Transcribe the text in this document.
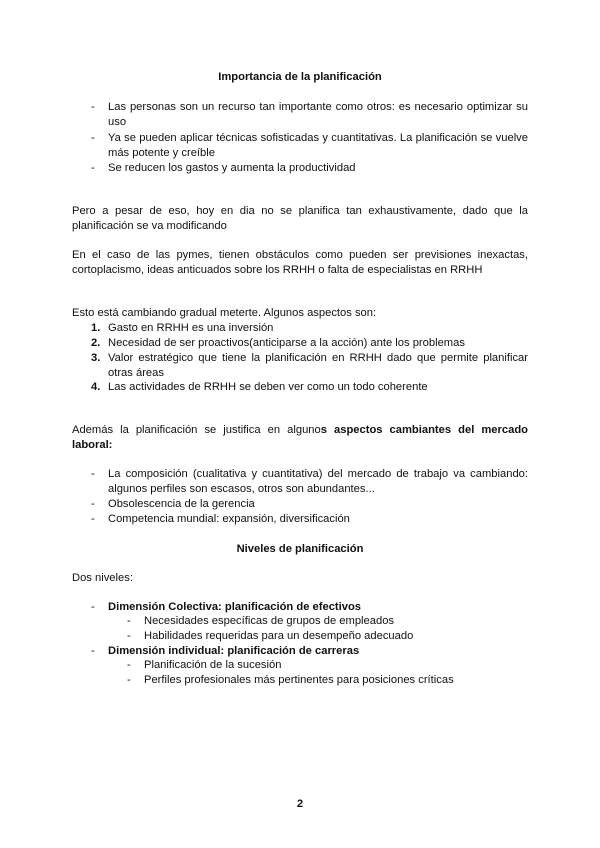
Importancia de la planificación
- Las personas son un recurso tan importante como otros: es necesario optimizar su uso
- Ya se pueden aplicar técnicas sofisticadas y cuantitativas. La planificación se vuelve más potente y creíble
- Se reducen los gastos y aumenta la productividad
Pero a pesar de eso, hoy en dia no se planifica tan exhaustivamente, dado que la planificación se va modificando
En el caso de las pymes, tienen obstáculos como pueden ser previsiones inexactas, cortoplacismo, ideas anticuados sobre los RRHH o falta de especialistas en RRHH
Esto está cambiando gradual meterte. Algunos aspectos son:
1. Gasto en RRHH es una inversión
2. Necesidad de ser proactivos(anticiparse a la acción) ante los problemas
3. Valor estratégico que tiene la planificación en RRHH dado que permite planificar otras áreas
4. Las actividades de RRHH se deben ver como un todo coherente
Además la planificación se justifica en algunos aspectos cambiantes del mercado laboral:
- La composición (cualitativa y cuantitativa) del mercado de trabajo va cambiando: algunos perfiles son escasos, otros son abundantes...
- Obsolescencia de la gerencia
- Competencia mundial: expansión, diversificación
Niveles de planificación
Dos niveles:
- Dimensión Colectiva: planificación de efectivos
- Necesidades específicas de grupos de empleados
- Habilidades requeridas para un desempeño adecuado
- Dimensión individual: planificación de carreras
- Planificación de la sucesión
- Perfiles profesionales más pertinentes para posiciones críticas
2
